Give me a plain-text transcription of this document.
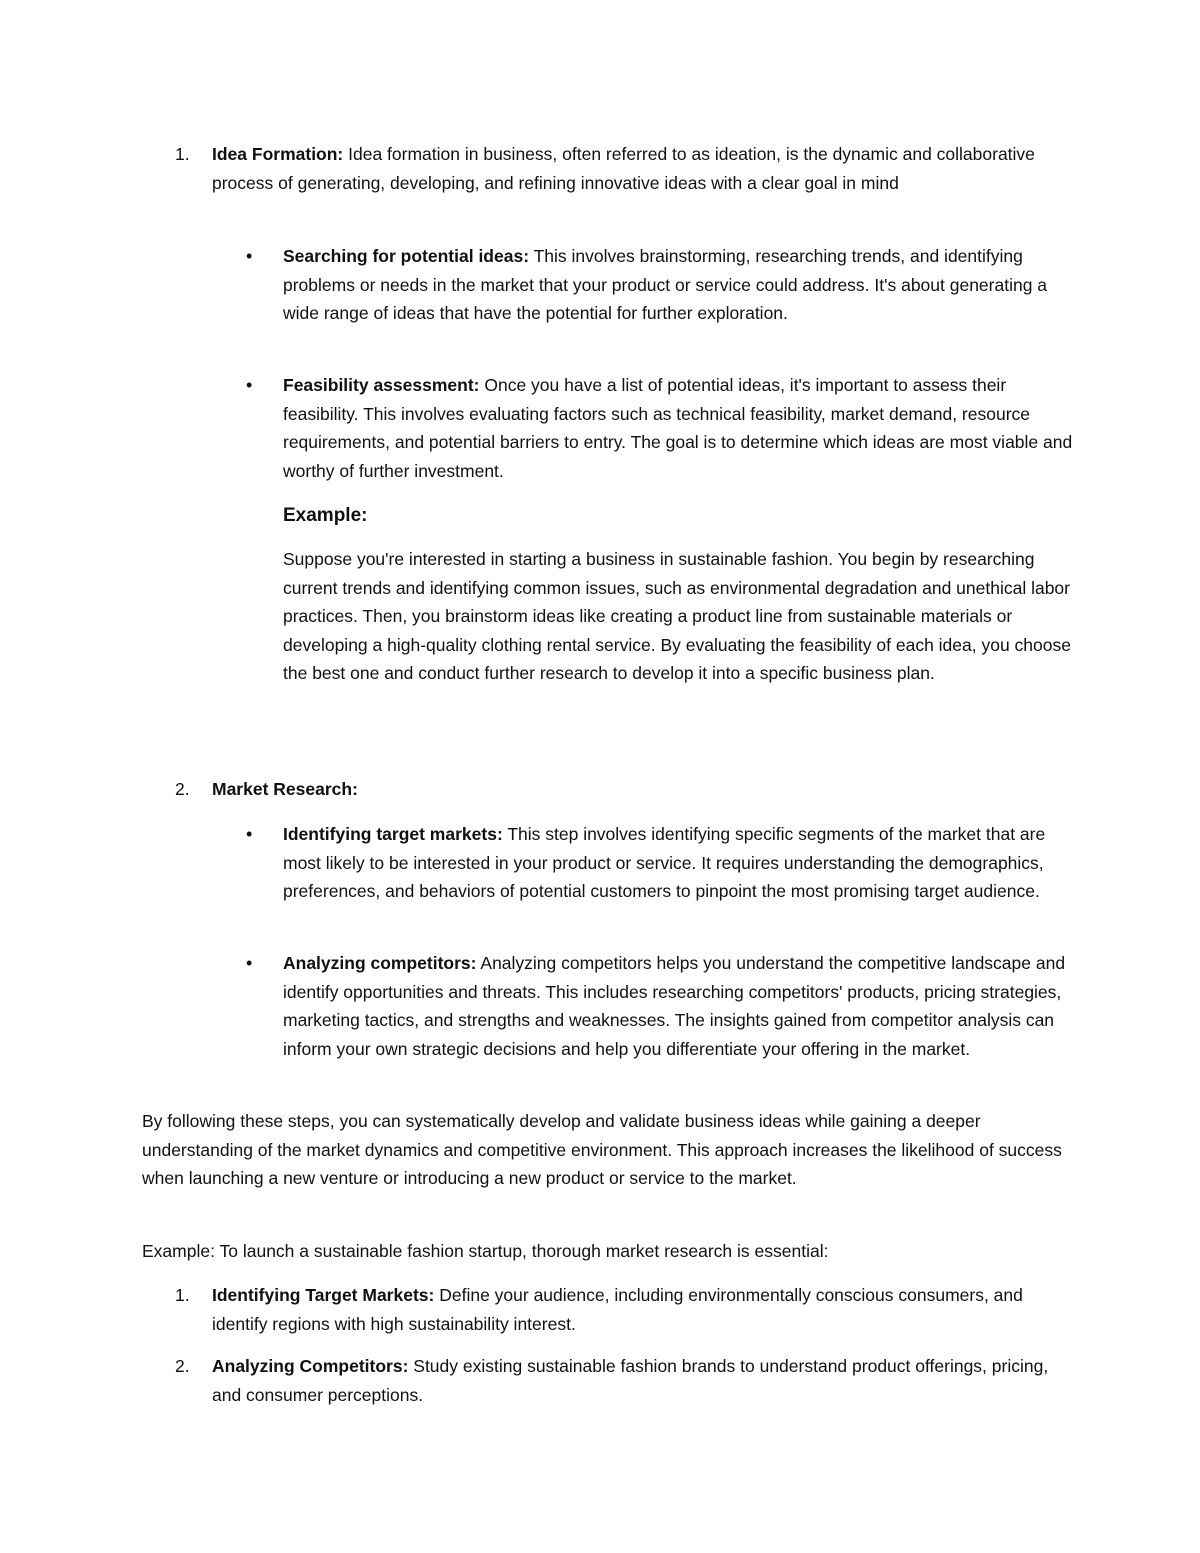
1.	Idea Formation: Idea formation in business, often referred to as ideation, is the dynamic and collaborative process of generating, developing, and refining innovative ideas with a clear goal in mind

• Searching for potential ideas: This involves brainstorming, researching trends, and identifying problems or needs in the market that your product or service could address. It's about generating a wide range of ideas that have the potential for further exploration.

• Feasibility assessment: Once you have a list of potential ideas, it's important to assess their feasibility. This involves evaluating factors such as technical feasibility, market demand, resource requirements, and potential barriers to entry. The goal is to determine which ideas are most viable and worthy of further investment.

Example:

Suppose you're interested in starting a business in sustainable fashion. You begin by researching current trends and identifying common issues, such as environmental degradation and unethical labor practices. Then, you brainstorm ideas like creating a product line from sustainable materials or developing a high-quality clothing rental service. By evaluating the feasibility of each idea, you choose the best one and conduct further research to develop it into a specific business plan.

2.	Market Research:

• Identifying target markets: This step involves identifying specific segments of the market that are most likely to be interested in your product or service. It requires understanding the demographics, preferences, and behaviors of potential customers to pinpoint the most promising target audience.

• Analyzing competitors: Analyzing competitors helps you understand the competitive landscape and identify opportunities and threats. This includes researching competitors' products, pricing strategies, marketing tactics, and strengths and weaknesses. The insights gained from competitor analysis can inform your own strategic decisions and help you differentiate your offering in the market.

By following these steps, you can systematically develop and validate business ideas while gaining a deeper understanding of the market dynamics and competitive environment. This approach increases the likelihood of success when launching a new venture or introducing a new product or service to the market.

Example: To launch a sustainable fashion startup, thorough market research is essential:

1.	Identifying Target Markets: Define your audience, including environmentally conscious consumers, and identify regions with high sustainability interest.

2.	Analyzing Competitors: Study existing sustainable fashion brands to understand product offerings, pricing, and consumer perceptions.
